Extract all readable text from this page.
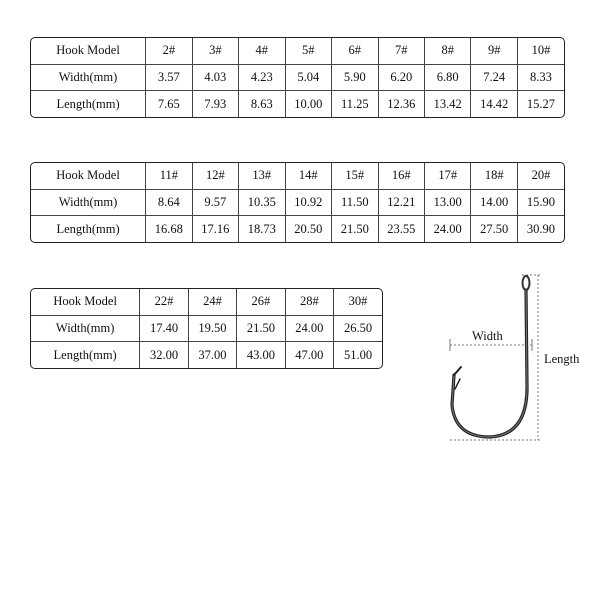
Hook Model	2#	3#	4#	5#	6#	7#	8#	9#	10#
Width(mm)	3.57	4.03	4.23	5.04	5.90	6.20	6.80	7.24	8.33
Length(mm)	7.65	7.93	8.63	10.00	11.25	12.36	13.42	14.42	15.27
Hook Model	11#	12#	13#	14#	15#	16#	17#	18#	20#
Width(mm)	8.64	9.57	10.35	10.92	11.50	12.21	13.00	14.00	15.90
Length(mm)	16.68	17.16	18.73	20.50	21.50	23.55	24.00	27.50	30.90
Hook Model	22#	24#	26#	28#	30#
Width(mm)	17.40	19.50	21.50	24.00	26.50
Length(mm)	32.00	37.00	43.00	47.00	51.00
Width
Length
